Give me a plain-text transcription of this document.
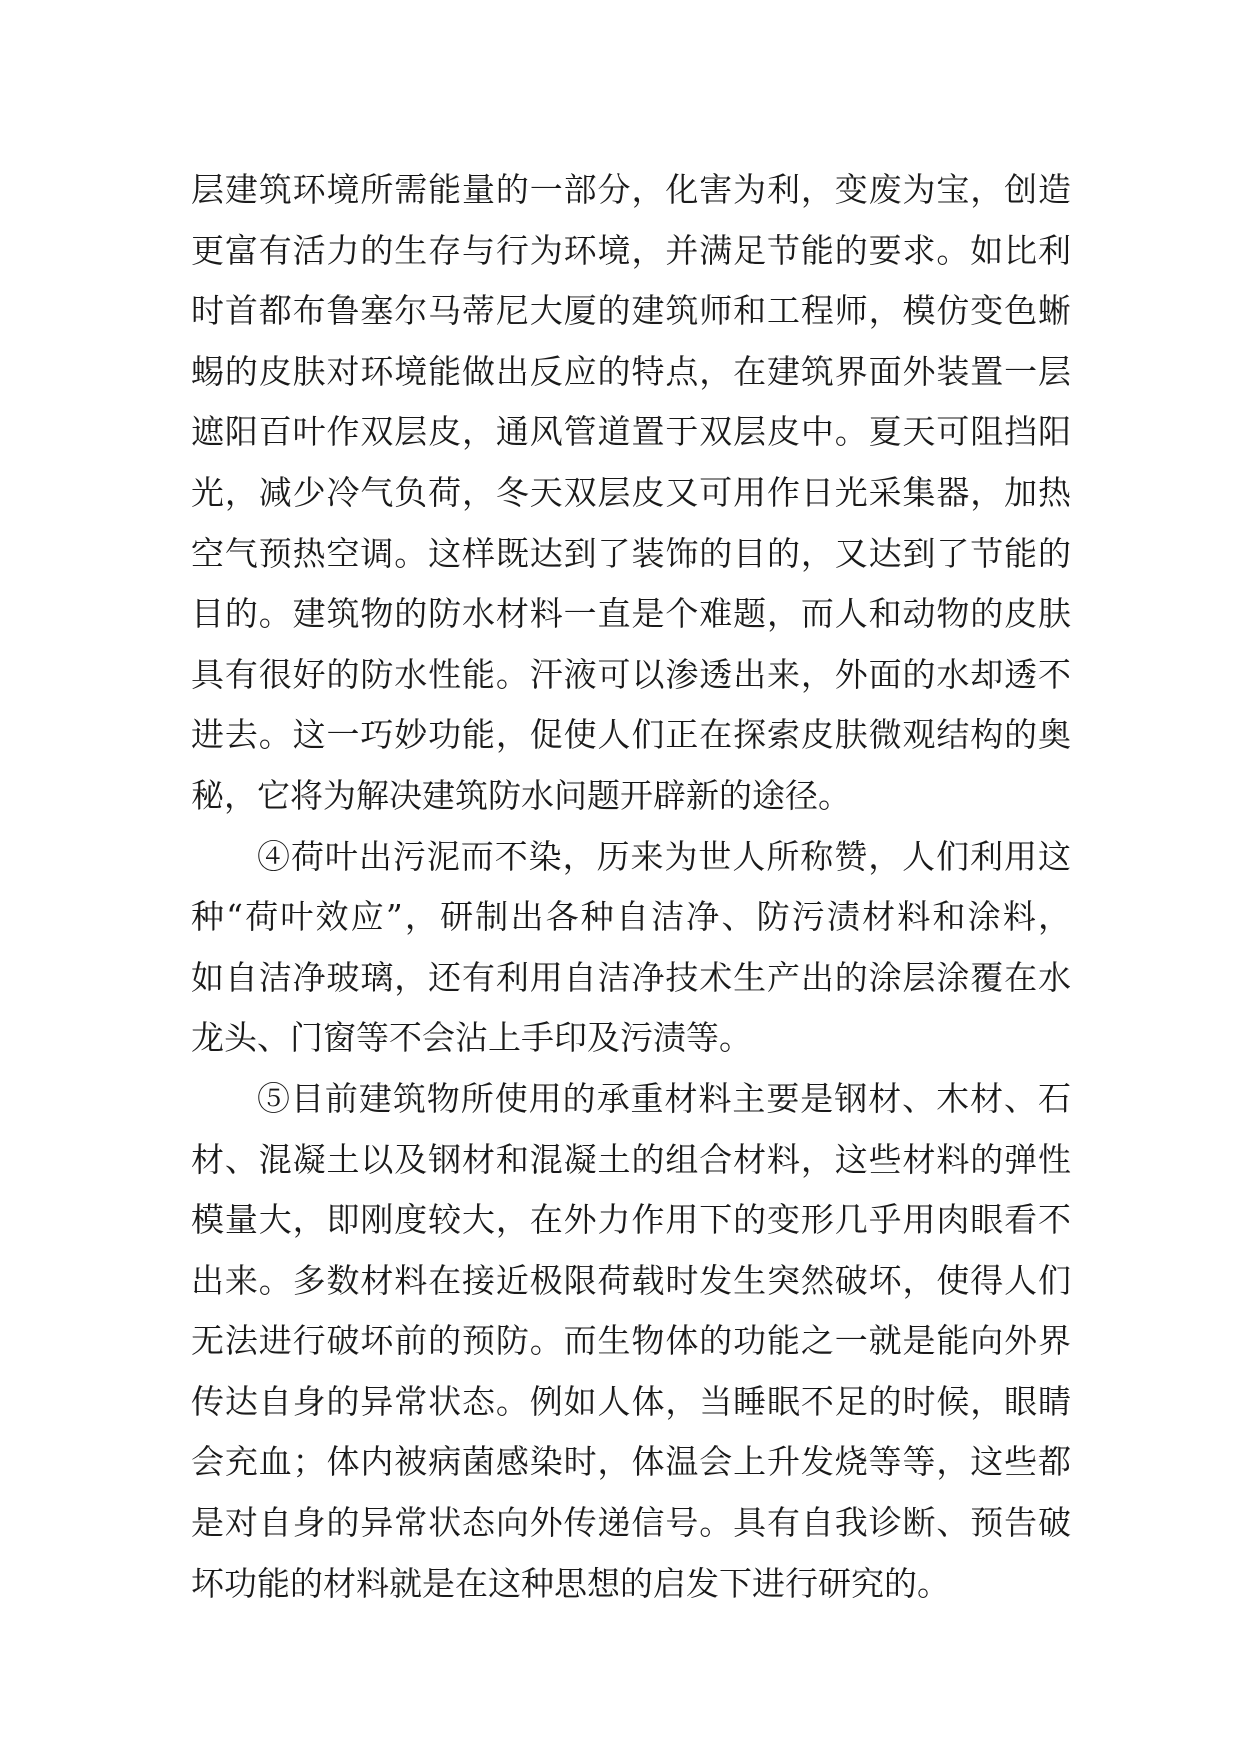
层建筑环境所需能量的一部分，化害为利，变废为宝，创造
更富有活力的生存与行为环境，并满足节能的要求。如比利
时首都布鲁塞尔马蒂尼大厦的建筑师和工程师，模仿变色蜥
蜴的皮肤对环境能做出反应的特点，在建筑界面外装置一层
遮阳百叶作双层皮，通风管道置于双层皮中。夏天可阻挡阳
光，减少冷气负荷，冬天双层皮又可用作日光采集器，加热
空气预热空调。这样既达到了装饰的目的，又达到了节能的
目的。建筑物的防水材料一直是个难题，而人和动物的皮肤
具有很好的防水性能。汗液可以渗透出来，外面的水却透不
进去。这一巧妙功能，促使人们正在探索皮肤微观结构的奥
秘，它将为解决建筑防水问题开辟新的途径。
④荷叶出污泥而不染，历来为世人所称赞，人们利用这
种“荷叶效应”，研制出各种自洁净、防污渍材料和涂料，
如自洁净玻璃，还有利用自洁净技术生产出的涂层涂覆在水
龙头、门窗等不会沾上手印及污渍等。
⑤目前建筑物所使用的承重材料主要是钢材、木材、石
材、混凝土以及钢材和混凝土的组合材料，这些材料的弹性
模量大，即刚度较大，在外力作用下的变形几乎用肉眼看不
出来。多数材料在接近极限荷载时发生突然破坏，使得人们
无法进行破坏前的预防。而生物体的功能之一就是能向外界
传达自身的异常状态。例如人体，当睡眠不足的时候，眼睛
会充血；体内被病菌感染时，体温会上升发烧等等，这些都
是对自身的异常状态向外传递信号。具有自我诊断、预告破
坏功能的材料就是在这种思想的启发下进行研究的。
